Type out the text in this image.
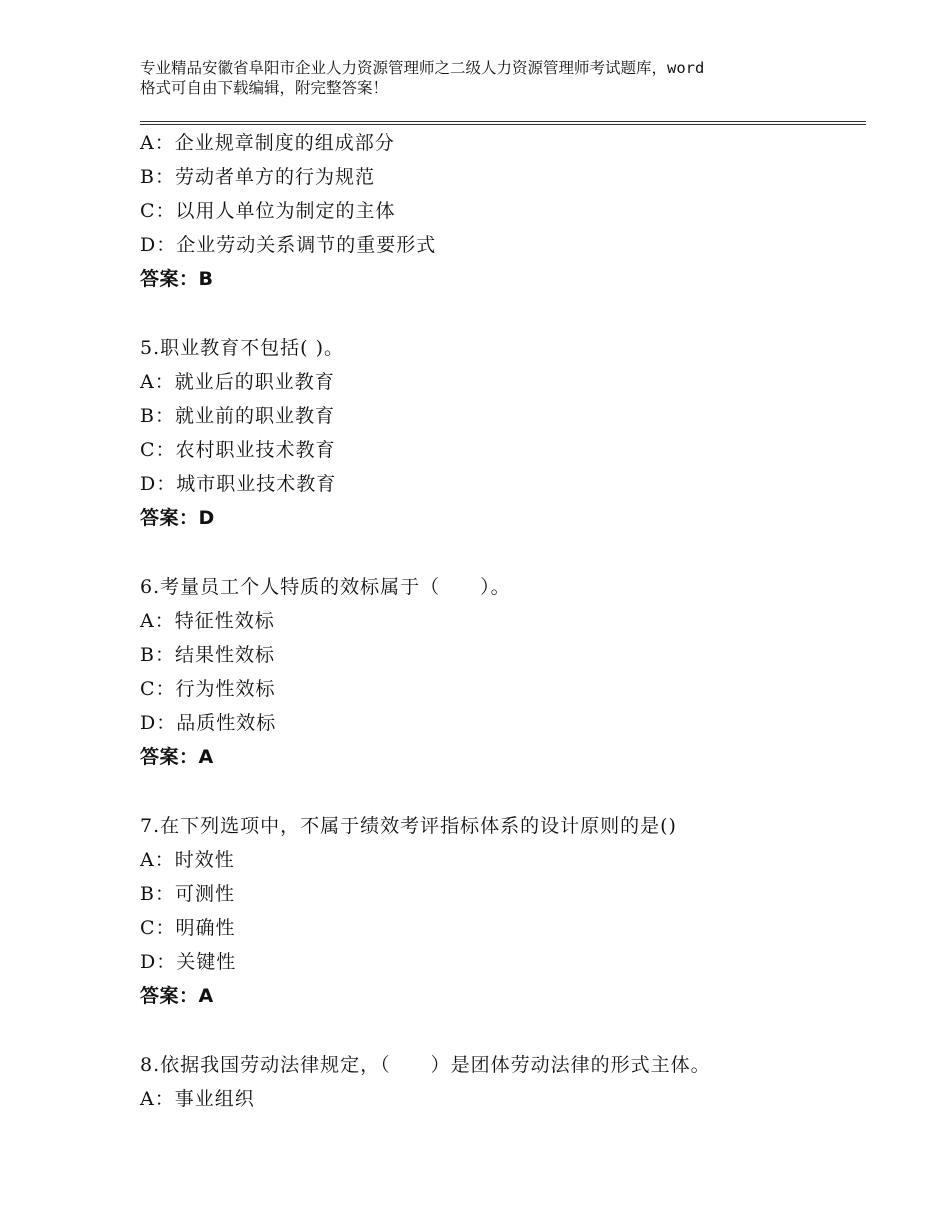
专业精品安徽省阜阳市企业人力资源管理师之二级人力资源管理师考试题库，word
格式可自由下载编辑，附完整答案！
A：企业规章制度的组成部分
B：劳动者单方的行为规范
C：以用人单位为制定的主体
D：企业劳动关系调节的重要形式
答案：B
5.职业教育不包括( )。
A：就业后的职业教育
B：就业前的职业教育
C：农村职业技术教育
D：城市职业技术教育
答案：D
6.考量员工个人特质的效标属于（　　）。
A：特征性效标
B：结果性效标
C：行为性效标
D：品质性效标
答案：A
7.在下列选项中，不属于绩效考评指标体系的设计原则的是()
A：时效性
B：可测性
C：明确性
D：关键性
答案：A
8.依据我国劳动法律规定，（　　）是团体劳动法律的形式主体。
A：事业组织
